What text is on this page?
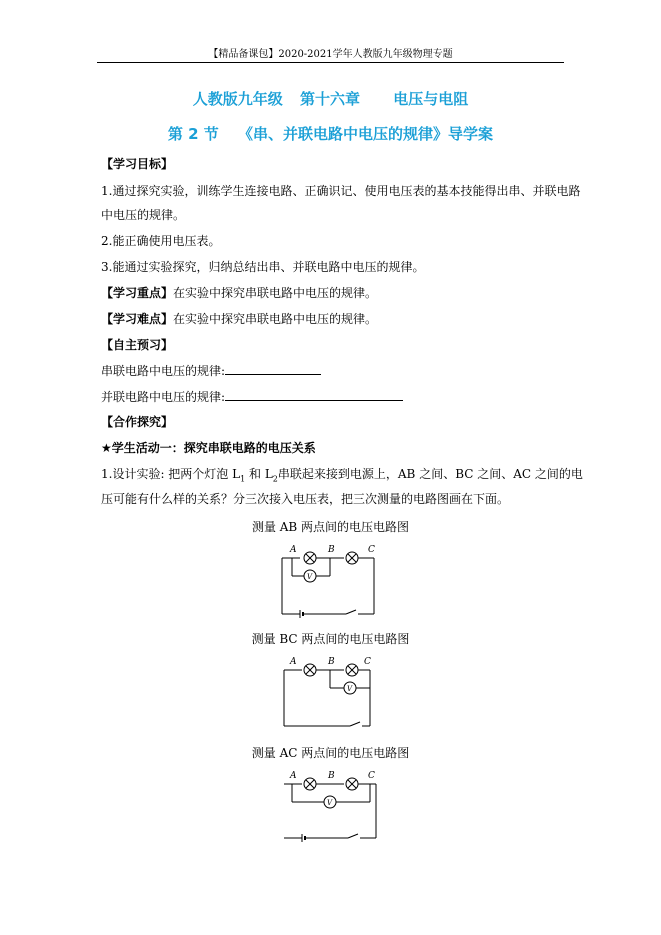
【精品备课包】2020-2021学年人教版九年级物理专题
人教版九年级 第十六章 电压与电阻
第 2 节 《串、并联电路中电压的规律》导学案
【学习目标】
1.通过探究实验，训练学生连接电路、正确识记、使用电压表的基本技能得出串、并联电路
中电压的规律。
2.能正确使用电压表。
3.能通过实验探究，归纳总结出串、并联电路中电压的规律。
【学习重点】在实验中探究串联电路中电压的规律。
【学习难点】在实验中探究串联电路中电压的规律。
【自主预习】
串联电路中电压的规律:
并联电路中电压的规律:
【合作探究】
★学生活动一：探究串联电路的电压关系
1.设计实验: 把两个灯泡 $L_1$ 和 $L_2$串联起来接到电源上，AB 之间、BC 之间、AC 之间的电
压可能有什么样的关系？分三次接入电压表，把三次测量的电路图画在下面。
测量 AB 两点间的电压电路图
A	B	C
V
测量 BC 两点间的电压电路图
A	B	C
V
测量 AC 两点间的电压电路图
A	B	C
V
